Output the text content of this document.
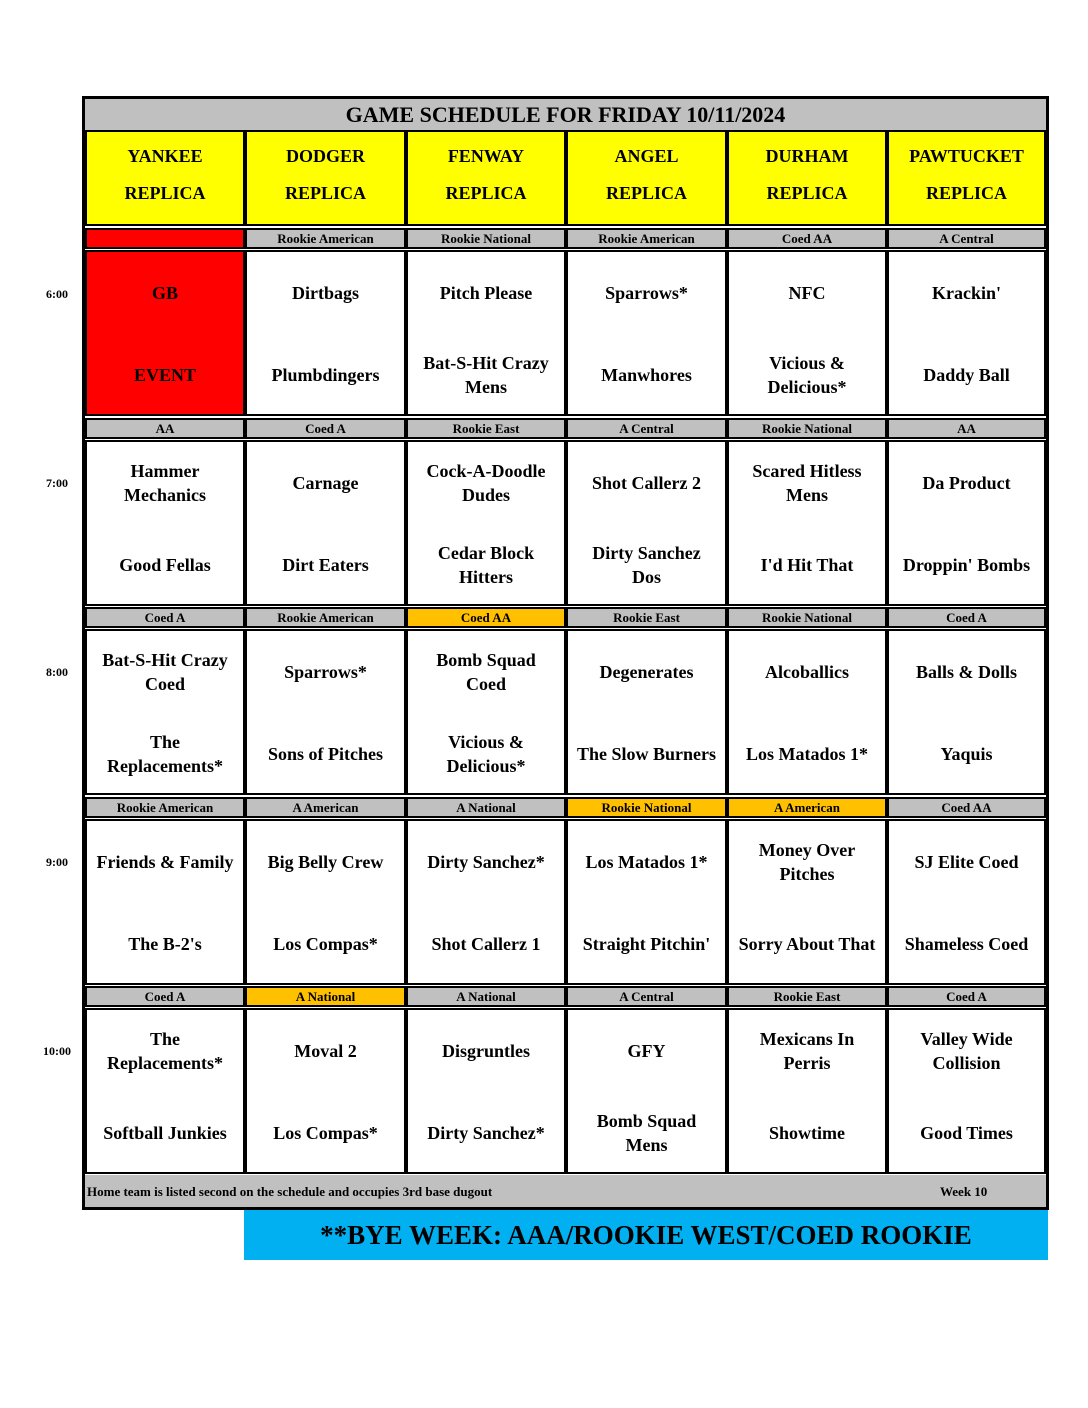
GAME SCHEDULE FOR FRIDAY 10/11/2024
YANKEE
REPLICA
DODGER
REPLICA
FENWAY
REPLICA
ANGEL
REPLICA
DURHAM
REPLICA
PAWTUCKET
REPLICA
GB
EVENT
Rookie American
Dirtbags
Plumbdingers
Rookie National
Pitch Please
Bat-S-Hit Crazy
Mens
Rookie American
Sparrows*
Manwhores
Coed AA
NFC
Vicious &
Delicious*
A Central
Krackin'
Daddy Ball
AA
Hammer
Mechanics
Good Fellas
Coed A
Carnage
Dirt Eaters
Rookie East
Cock-A-Doodle
Dudes
Cedar Block
Hitters
A Central
Shot Callerz 2
Dirty Sanchez
Dos
Rookie National
Scared Hitless
Mens
I'd Hit That
AA
Da Product
Droppin' Bombs
Coed A
Bat-S-Hit Crazy
Coed
The
Replacements*
Rookie American
Sparrows*
Sons of Pitches
Coed AA
Bomb Squad
Coed
Vicious &
Delicious*
Rookie East
Degenerates
The Slow Burners
Rookie National
Alcoballics
Los Matados 1*
Coed A
Balls & Dolls
Yaquis
Rookie American
Friends & Family
The B-2's
A American
Big Belly Crew
Los Compas*
A National
Dirty Sanchez*
Shot Callerz 1
Rookie National
Los Matados 1*
Straight Pitchin'
A American
Money Over
Pitches
Sorry About That
Coed AA
SJ Elite Coed
Shameless Coed
Coed A
The
Replacements*
Softball Junkies
A National
Moval 2
Los Compas*
A National
Disgruntles
Dirty Sanchez*
A Central
GFY
Bomb Squad
Mens
Rookie East
Mexicans In
Perris
Showtime
Coed A
Valley Wide
Collision
Good Times
6:00
7:00
8:00
9:00
10:00
Home team is listed second on the schedule and occupies 3rd base dugout	Week 10
**BYE WEEK: AAA/ROOKIE WEST/COED ROOKIE
